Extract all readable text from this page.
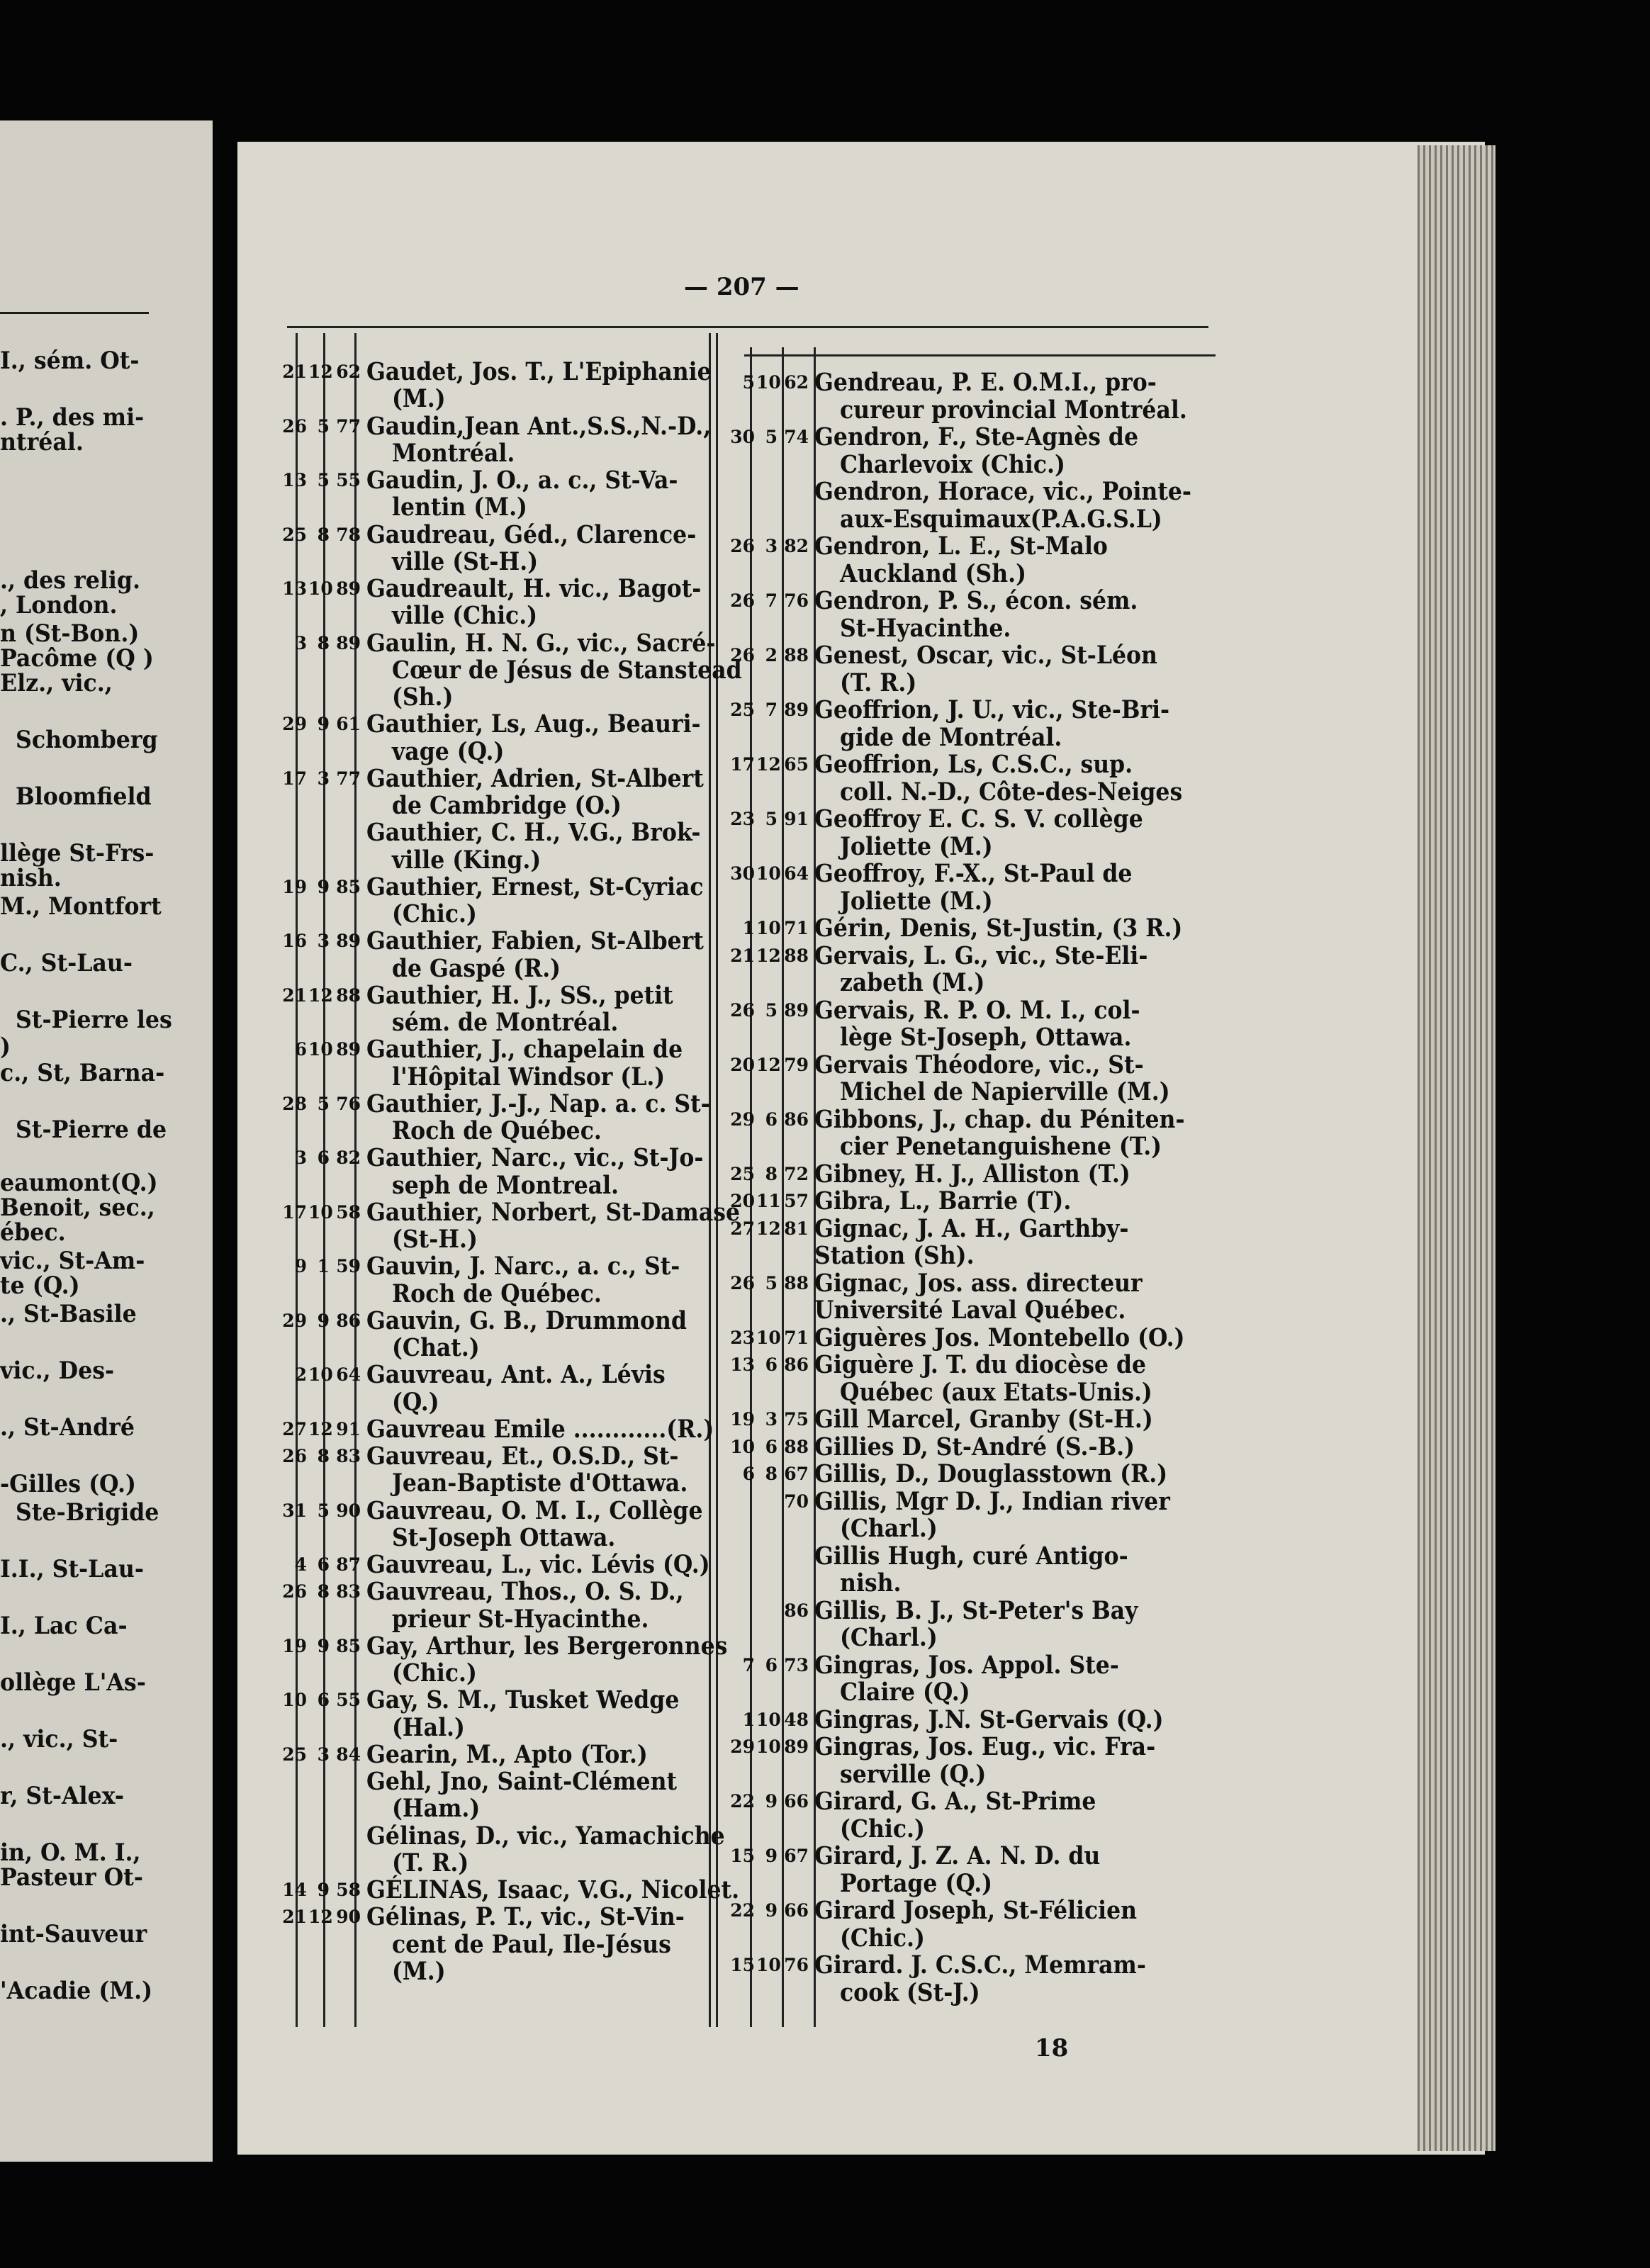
I., sém. Ot-
. P., des mi-
ntréal.
., des relig.
, London.
n (St-Bon.)
Pacôme (Q )
Elz., vic.,
Schomberg
Bloomfield
llège St-Frs-
nish.
M., Montfort
C., St-Lau-
St-Pierre les
)
c., St, Barna-
St-Pierre de
eaumont(Q.)
Benoit, sec.,
ébec.
vic., St-Am-
te (Q.)
., St-Basile
vic., Des-
., St-André
-Gilles (Q.)
Ste-Brigide
I.I., St-Lau-
I., Lac Ca-
ollège L'As-
., vic., St-
r, St-Alex-
in, O. M. I.,
Pasteur Ot-
int-Sauveur
'Acadie (M.)
— 207 —
21 12 62 Gaudet, Jos. T., L'Epiphanie
(M.)
26 5 77 Gaudin,Jean Ant.,S.S.,N.-D.,
Montréal.
13 5 55 Gaudin, J. O., a. c., St-Va-
lentin (M.)
25 8 78 Gaudreau, Géd., Clarence-
ville (St-H.)
13 10 89 Gaudreault, H. vic., Bagot-
ville (Chic.)
3 8 89 Gaulin, H. N. G., vic., Sacré-
Cœur de Jésus de Stanstead
(Sh.)
29 9 61 Gauthier, Ls, Aug., Beauri-
vage (Q.)
17 3 77 Gauthier, Adrien, St-Albert
de Cambridge (O.)
Gauthier, C. H., V.G., Brok-
ville (King.)
19 9 85 Gauthier, Ernest, St-Cyriac
(Chic.)
16 3 89 Gauthier, Fabien, St-Albert
de Gaspé (R.)
21 12 88 Gauthier, H. J., SS., petit
sém. de Montréal.
6 10 89 Gauthier, J., chapelain de
l'Hôpital Windsor (L.)
28 5 76 Gauthier, J.-J., Nap. a. c. St-
Roch de Québec.
3 6 82 Gauthier, Narc., vic., St-Jo-
seph de Montreal.
17 10 58 Gauthier, Norbert, St-Damase
(St-H.)
9 1 59 Gauvin, J. Narc., a. c., St-
Roch de Québec.
29 9 86 Gauvin, G. B., Drummond
(Chat.)
2 10 64 Gauvreau, Ant. A., Lévis
(Q.)
27 12 91 Gauvreau Emile ............(R.)
26 8 83 Gauvreau, Et., O.S.D., St-
Jean-Baptiste d'Ottawa.
31 5 90 Gauvreau, O. M. I., Collège
St-Joseph Ottawa.
4 6 87 Gauvreau, L., vic. Lévis (Q.)
26 8 83 Gauvreau, Thos., O. S. D.,
prieur St-Hyacinthe.
19 9 85 Gay, Arthur, les Bergeronnes
(Chic.)
10 6 55 Gay, S. M., Tusket Wedge
(Hal.)
25 3 84 Gearin, M., Apto (Tor.)
Gehl, Jno, Saint-Clément
(Ham.)
Gélinas, D., vic., Yamachiche
(T. R.)
14 9 58 GÉLINAS, Isaac, V.G., Nicolet.
21 12 90 Gélinas, P. T., vic., St-Vin-
cent de Paul, Ile-Jésus
(M.)
5 10 62 Gendreau, P. E. O.M.I., pro-
cureur provincial Montréal.
30 5 74 Gendron, F., Ste-Agnès de
Charlevoix (Chic.)
Gendron, Horace, vic., Pointe-
aux-Esquimaux(P.A.G.S.L)
26 3 82 Gendron, L. E., St-Malo
Auckland (Sh.)
26 7 76 Gendron, P. S., écon. sém.
St-Hyacinthe.
26 2 88 Genest, Oscar, vic., St-Léon
(T. R.)
25 7 89 Geoffrion, J. U., vic., Ste-Bri-
gide de Montréal.
17 12 65 Geoffrion, Ls, C.S.C., sup.
coll. N.-D., Côte-des-Neiges
23 5 91 Geoffroy E. C. S. V. collège
Joliette (M.)
30 10 64 Geoffroy, F.-X., St-Paul de
Joliette (M.)
1 10 71 Gérin, Denis, St-Justin, (3 R.)
21 12 88 Gervais, L. G., vic., Ste-Eli-
zabeth (M.)
26 5 89 Gervais, R. P. O. M. I., col-
lège St-Joseph, Ottawa.
20 12 79 Gervais Théodore, vic., St-
Michel de Napierville (M.)
29 6 86 Gibbons, J., chap. du Péniten-
cier Penetanguishene (T.)
25 8 72 Gibney, H. J., Alliston (T.)
20 11 57 Gibra, L., Barrie (T).
27 12 81 Gignac, J. A. H., Garthby-
Station (Sh).
26 5 88 Gignac, Jos. ass. directeur
Université Laval Québec.
23 10 71 Giguères Jos. Montebello (O.)
13 6 86 Giguère J. T. du diocèse de
Québec (aux Etats-Unis.)
19 3 75 Gill Marcel, Granby (St-H.)
10 6 88 Gillies D, St-André (S.-B.)
6 8 67 Gillis, D., Douglasstown (R.)
70 Gillis, Mgr D. J., Indian river
(Charl.)
Gillis Hugh, curé Antigo-
nish.
86 Gillis, B. J., St-Peter's Bay
(Charl.)
7 6 73 Gingras, Jos. Appol. Ste-
Claire (Q.)
1 10 48 Gingras, J.N. St-Gervais (Q.)
29 10 89 Gingras, Jos. Eug., vic. Fra-
serville (Q.)
22 9 66 Girard, G. A., St-Prime
(Chic.)
15 9 67 Girard, J. Z. A. N. D. du
Portage (Q.)
22 9 66 Girard Joseph, St-Félicien
(Chic.)
15 10 76 Girard. J. C.S.C., Memram-
cook (St-J.)
18
